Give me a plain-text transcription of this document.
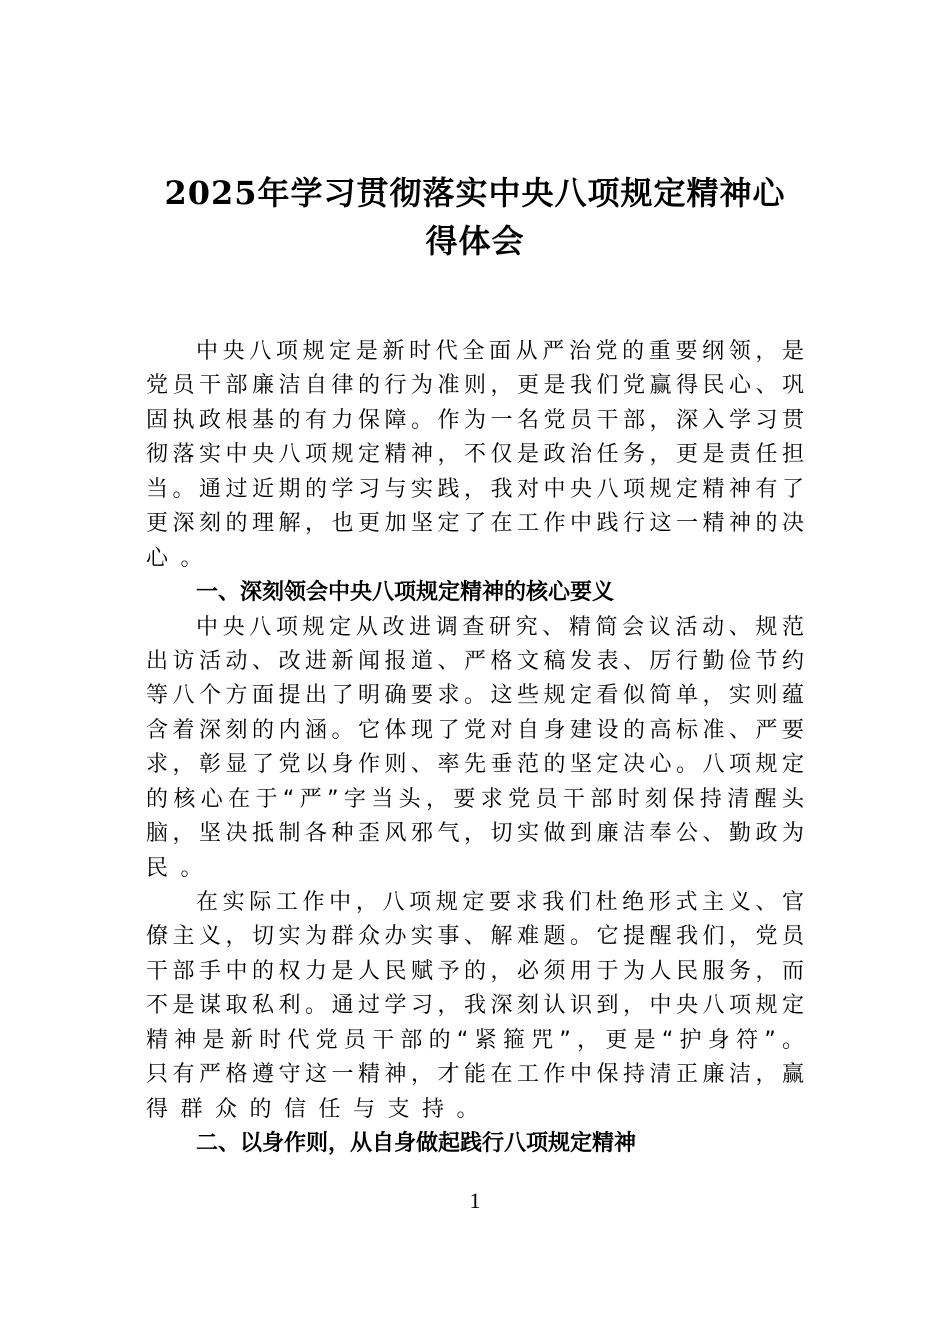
2025年学习贯彻落实中央八项规定精神心
得体会
中央八项规定是新时代全面从严治党的重要纲领，是
党员干部廉洁自律的行为准则，更是我们党赢得民心、巩
固执政根基的有力保障。作为一名党员干部，深入学习贯
彻落实中央八项规定精神，不仅是政治任务，更是责任担
当。通过近期的学习与实践，我对中央八项规定精神有了
更深刻的理解，也更加坚定了在工作中践行这一精神的决
心。
一、深刻领会中央八项规定精神的核心要义
中央八项规定从改进调查研究、精简会议活动、规范
出访活动、改进新闻报道、严格文稿发表、厉行勤俭节约
等八个方面提出了明确要求。这些规定看似简单，实则蕴
含着深刻的内涵。它体现了党对自身建设的高标准、严要
求，彰显了党以身作则、率先垂范的坚定决心。八项规定
的核心在于“严”字当头，要求党员干部时刻保持清醒头
脑，坚决抵制各种歪风邪气，切实做到廉洁奉公、勤政为
民。
在实际工作中，八项规定要求我们杜绝形式主义、官
僚主义，切实为群众办实事、解难题。它提醒我们，党员
干部手中的权力是人民赋予的，必须用于为人民服务，而
不是谋取私利。通过学习，我深刻认识到，中央八项规定
精神是新时代党员干部的“紧箍咒”，更是“护身符”。
只有严格遵守这一精神，才能在工作中保持清正廉洁，赢
得群众的信任与支持。
二、以身作则，从自身做起践行八项规定精神
1
